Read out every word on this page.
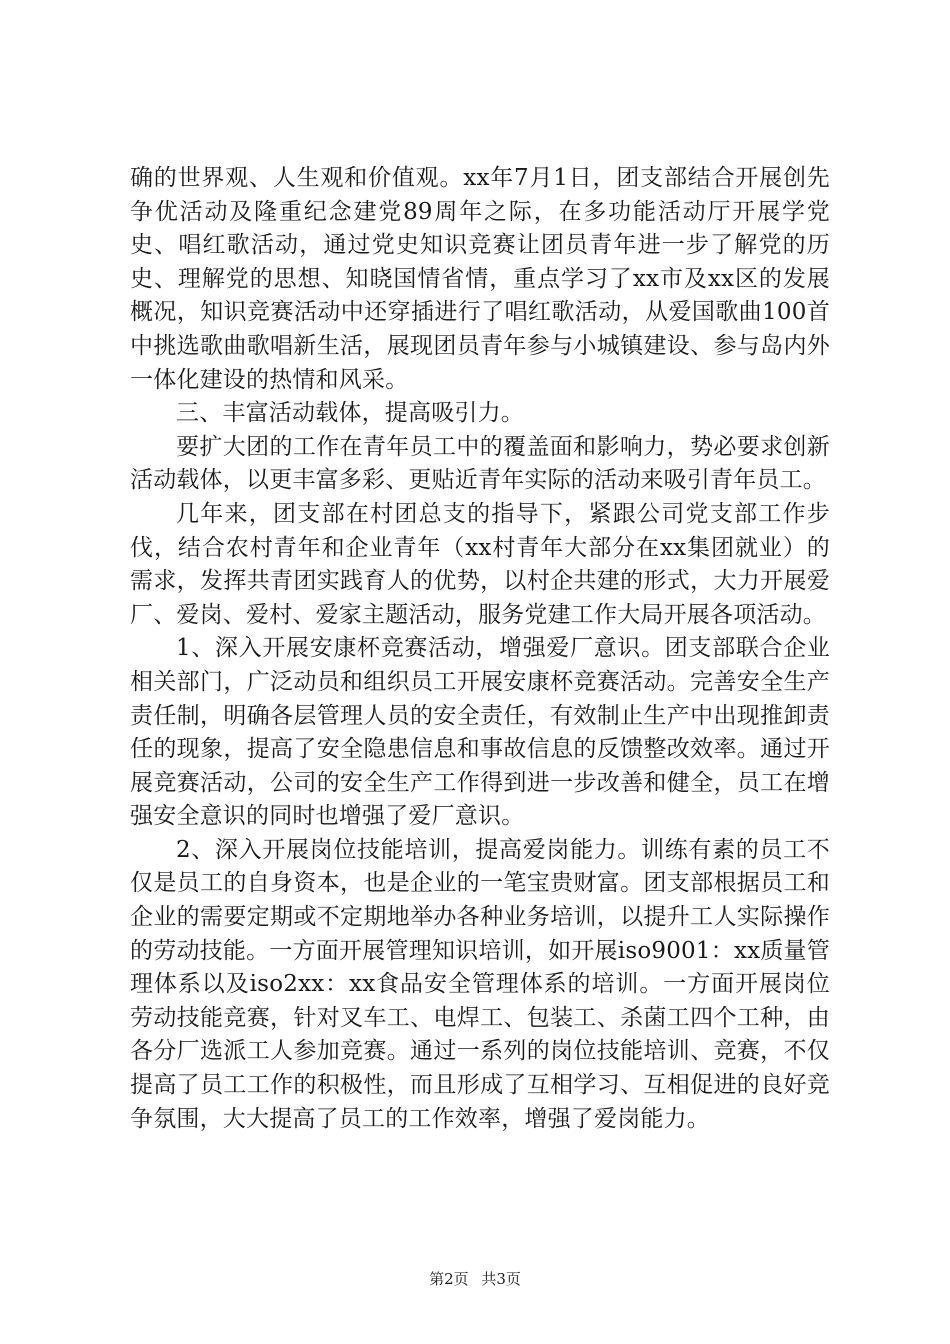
确的世界观、人生观和价值观。xx年7月1日，团支部结合开展创先争优活动及隆重纪念建党89周年之际，在多功能活动厅开展学党史、唱红歌活动，通过党史知识竞赛让团员青年进一步了解党的历史、理解党的思想、知晓国情省情，重点学习了xx市及xx区的发展概况，知识竞赛活动中还穿插进行了唱红歌活动，从爱国歌曲100首中挑选歌曲歌唱新生活，展现团员青年参与小城镇建设、参与岛内外一体化建设的热情和风采。

三、丰富活动载体，提高吸引力。

要扩大团的工作在青年员工中的覆盖面和影响力，势必要求创新活动载体，以更丰富多彩、更贴近青年实际的活动来吸引青年员工。

几年来，团支部在村团总支的指导下，紧跟公司党支部工作步伐，结合农村青年和企业青年（xx村青年大部分在xx集团就业）的需求，发挥共青团实践育人的优势，以村企共建的形式，大力开展爱厂、爱岗、爱村、爱家主题活动，服务党建工作大局开展各项活动。

1、深入开展安康杯竞赛活动，增强爱厂意识。团支部联合企业相关部门，广泛动员和组织员工开展安康杯竞赛活动。完善安全生产责任制，明确各层管理人员的安全责任，有效制止生产中出现推卸责任的现象，提高了安全隐患信息和事故信息的反馈整改效率。通过开展竞赛活动，公司的安全生产工作得到进一步改善和健全，员工在增强安全意识的同时也增强了爱厂意识。

2、深入开展岗位技能培训，提高爱岗能力。训练有素的员工不仅是员工的自身资本，也是企业的一笔宝贵财富。团支部根据员工和企业的需要定期或不定期地举办各种业务培训，以提升工人实际操作的劳动技能。一方面开展管理知识培训，如开展iso9001：xx质量管理体系以及iso2xx：xx食品安全管理体系的培训。一方面开展岗位劳动技能竞赛，针对叉车工、电焊工、包装工、杀菌工四个工种，由各分厂选派工人参加竞赛。通过一系列的岗位技能培训、竞赛，不仅提高了员工工作的积极性，而且形成了互相学习、互相促进的良好竞争氛围，大大提高了员工的工作效率，增强了爱岗能力。

第2页 共3页
